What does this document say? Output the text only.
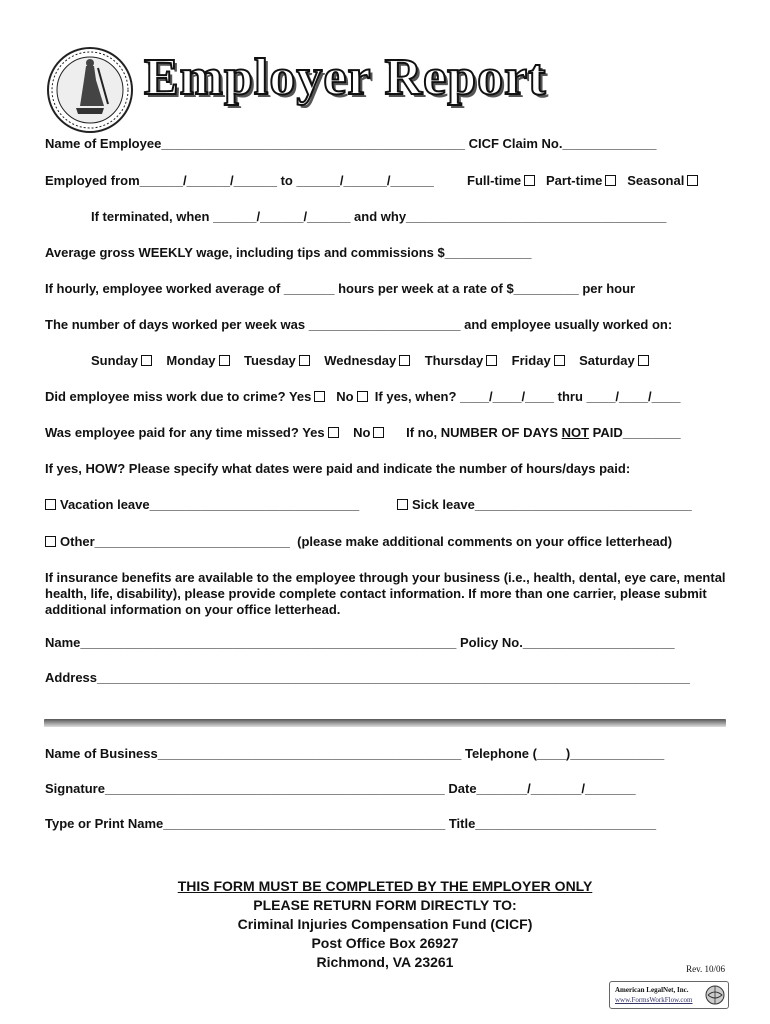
Employer Report
Name of Employee__________________________________________ CICF Claim No._____________
Employed from______/______/______ to ______/______/______	Full-time Part-time Seasonal
If terminated, when ______/______/______ and why____________________________________
Average gross WEEKLY wage, including tips and commissions $____________
If hourly, employee worked average of _______ hours per week at a rate of $_________ per hour
The number of days worked per week was _____________________ and employee usually worked on:
Sunday Monday Tuesday Wednesday Thursday Friday Saturday
Did employee miss work due to crime? Yes No If yes, when? ____/____/____ thru ____/____/____
Was employee paid for any time missed? Yes No	If no, NUMBER OF DAYS NOT PAID________
If yes, HOW? Please specify what dates were paid and indicate the number of hours/days paid:
Vacation leave_____________________________	Sick leave______________________________
Other___________________________ (please make additional comments on your office letterhead)
If insurance benefits are available to the employee through your business (i.e., health, dental, eye care, mental health, life, disability), please provide complete contact information. If more than one carrier, please submit additional information on your office letterhead.
Name____________________________________________________ Policy No._____________________
Address__________________________________________________________________________________
Name of Business__________________________________________ Telephone (____)_____________
Signature_______________________________________________ Date_______/_______/_______
Type or Print Name_______________________________________ Title_________________________
THIS FORM MUST BE COMPLETED BY THE EMPLOYER ONLY
PLEASE RETURN FORM DIRECTLY TO:
Criminal Injuries Compensation Fund (CICF)
Post Office Box 26927
Richmond, VA 23261	Rev. 10/06
American LegalNet, Inc.
www.FormsWorkFlow.com
